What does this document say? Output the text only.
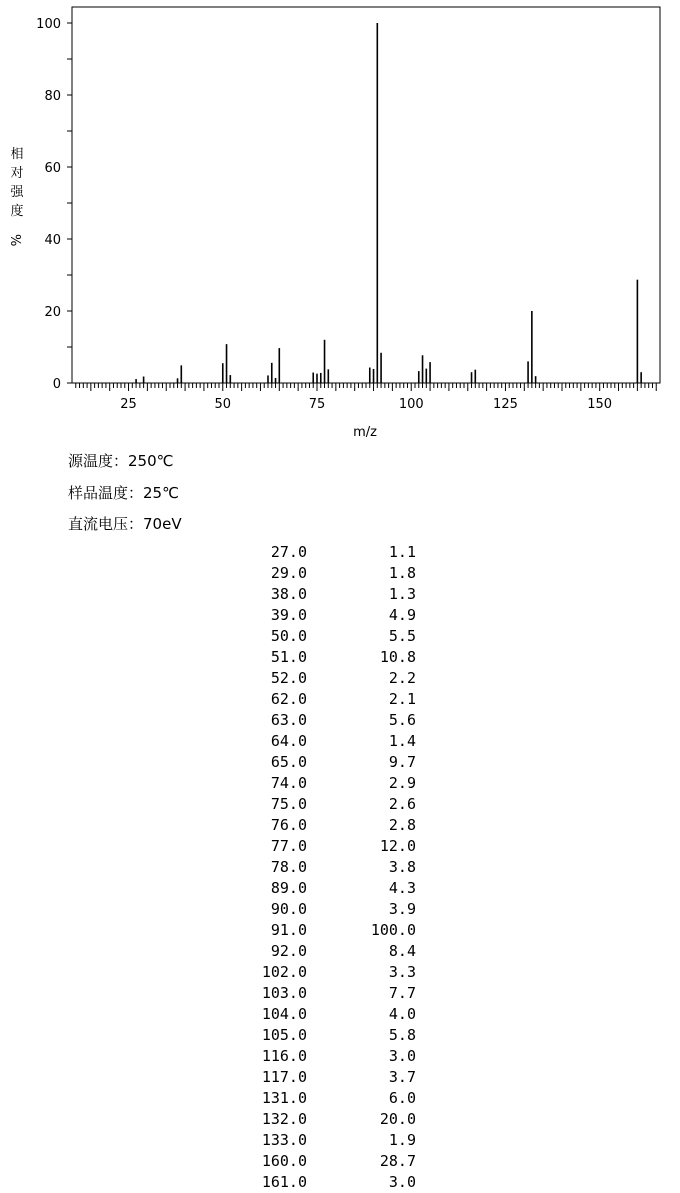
0
20
40
60
80
100
25	50	75	100	125	150
相对强度%
m/z
源温度：250℃
样品温度：25℃
直流电压：70eV
27.0	1.1
29.0	1.8
38.0	1.3
39.0	4.9
50.0	5.5
51.0	10.8
52.0	2.2
62.0	2.1
63.0	5.6
64.0	1.4
65.0	9.7
74.0	2.9
75.0	2.6
76.0	2.8
77.0	12.0
78.0	3.8
89.0	4.3
90.0	3.9
91.0	100.0
92.0	8.4
102.0	3.3
103.0	7.7
104.0	4.0
105.0	5.8
116.0	3.0
117.0	3.7
131.0	6.0
132.0	20.0
133.0	1.9
160.0	28.7
161.0	3.0
